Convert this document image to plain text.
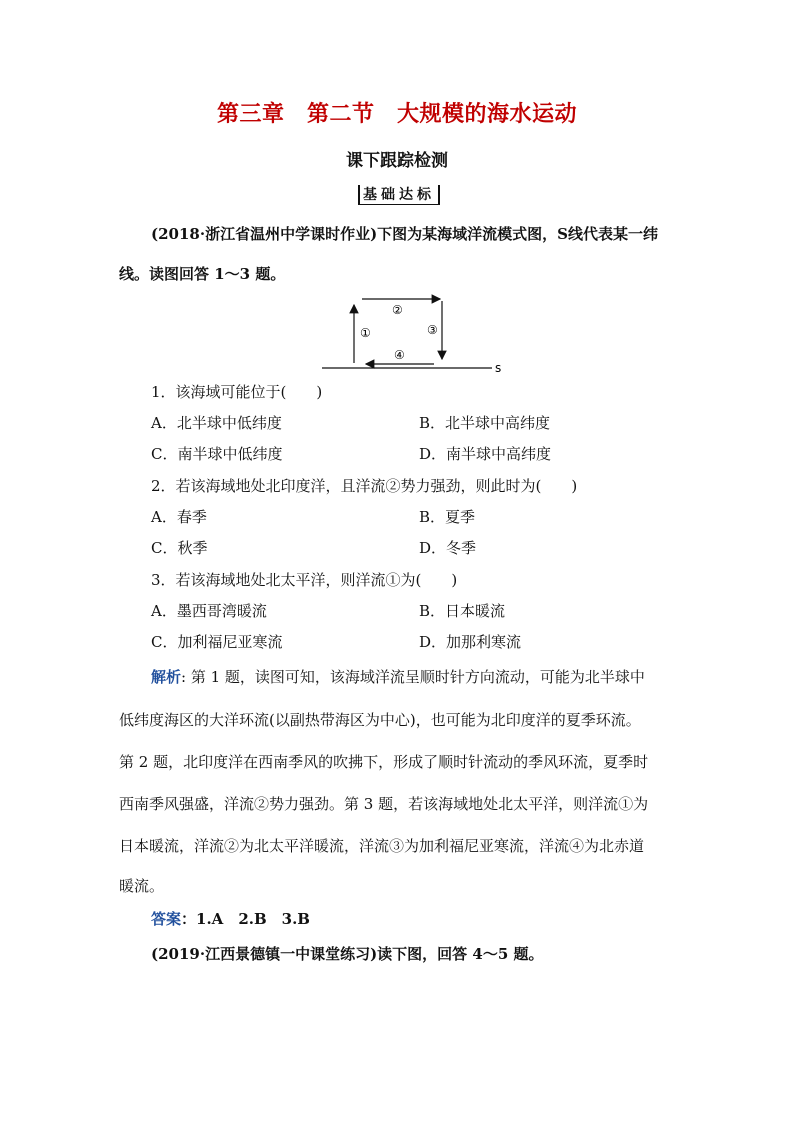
第三章　第二节　大规模的海水运动
课下跟踪检测
基础达标
(2018·浙江省温州中学课时作业)下图为某海域洋流模式图，S线代表某一纬
线。读图回答 1～3 题。
①
②
③
④
s
1．该海域可能位于(　　)
A．北半球中低纬度	B．北半球中高纬度
C．南半球中低纬度	D．南半球中高纬度
2．若该海域地处北印度洋，且洋流②势力强劲，则此时为(　　)
A．春季	B．夏季
C．秋季	D．冬季
3．若该海域地处北太平洋，则洋流①为(　　)
A．墨西哥湾暖流	B．日本暖流
C．加利福尼亚寒流	D．加那利寒流
解析: 第 1 题，读图可知，该海域洋流呈顺时针方向流动，可能为北半球中
低纬度海区的大洋环流(以副热带海区为中心)，也可能为北印度洋的夏季环流。
第 2 题，北印度洋在西南季风的吹拂下，形成了顺时针流动的季风环流，夏季时
西南季风强盛，洋流②势力强劲。第 3 题，若该海域地处北太平洋，则洋流①为
日本暖流，洋流②为北太平洋暖流，洋流③为加利福尼亚寒流，洋流④为北赤道
暖流。
答案：1.A　2.B　3.B
(2019·江西景德镇一中课堂练习)读下图，回答 4～5 题。
